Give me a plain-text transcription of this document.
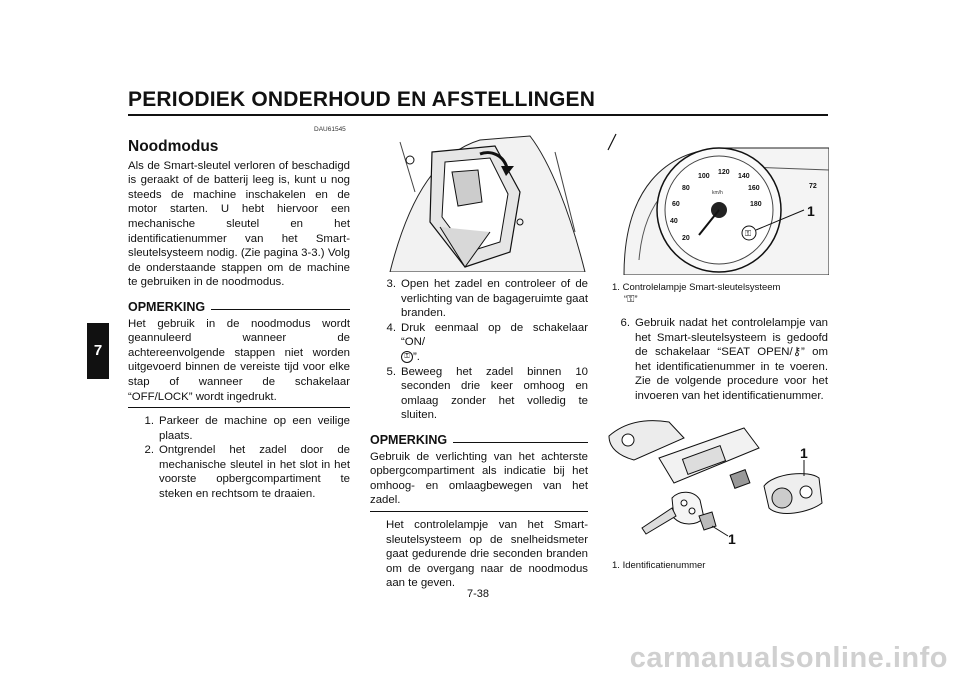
PERIODIEK ONDERHOUD EN AFSTELLINGEN
7
DAU61545
Noodmodus

Als de Smart-sleutel verloren of beschadigd is geraakt of de batterij leeg is, kunt u nog steeds de machine inschakelen en de motor starten. U hebt hiervoor een mechanische sleutel en het identificatienummer van het Smart-sleutelsysteem nodig. (Zie pagina 3-3.) Volg de onderstaande stappen om de machine te gebruiken in de noodmodus.

OPMERKING

Het gebruik in de noodmodus wordt geannuleerd wanneer de achtereenvolgende stappen niet worden uitgevoerd binnen de vereiste tijd voor elke stap of wanneer de schakelaar “OFF/LOCK” wordt ingedrukt.

1. Parkeer de machine op een veilige plaats.
2. Ontgrendel het zadel door de mechanische sleutel in het slot in het voorste opbergcompartiment te steken en rechtsom te draaien.
3. Open het zadel en controleer of de verlichting van de bagageruimte gaat branden.
4. Druk eenmaal op de schakelaar “ON/
⚿ ”.
5. Beweeg het zadel binnen 10 seconden drie keer omhoog en omlaag zonder het volledig te sluiten.
OPMERKING

Gebruik de verlichting van het achterste opbergcompartiment als indicatie bij het omhoog- en omlaagbewegen van het zadel.

Het controlelampje van het Smart-sleutelsysteem op de snelheidsmeter gaat gedurende drie seconden branden om de overgang naar de noodmodus aan te geven.

20
40
60
80
100
120
140
160
180
km/h
72
⚿
1
1. Controlelampje Smart-sleutelsysteem
“⚿”
6. Gebruik nadat het controlelampje van het Smart-sleutelsysteem is gedoofd de schakelaar “SEAT OPEN/⚷” om het identificatienummer in te voeren. Zie de volgende procedure voor het invoeren van het identificatienummer.
1
1
1. Identificatienummer
7-38
carmanualsonline.info
